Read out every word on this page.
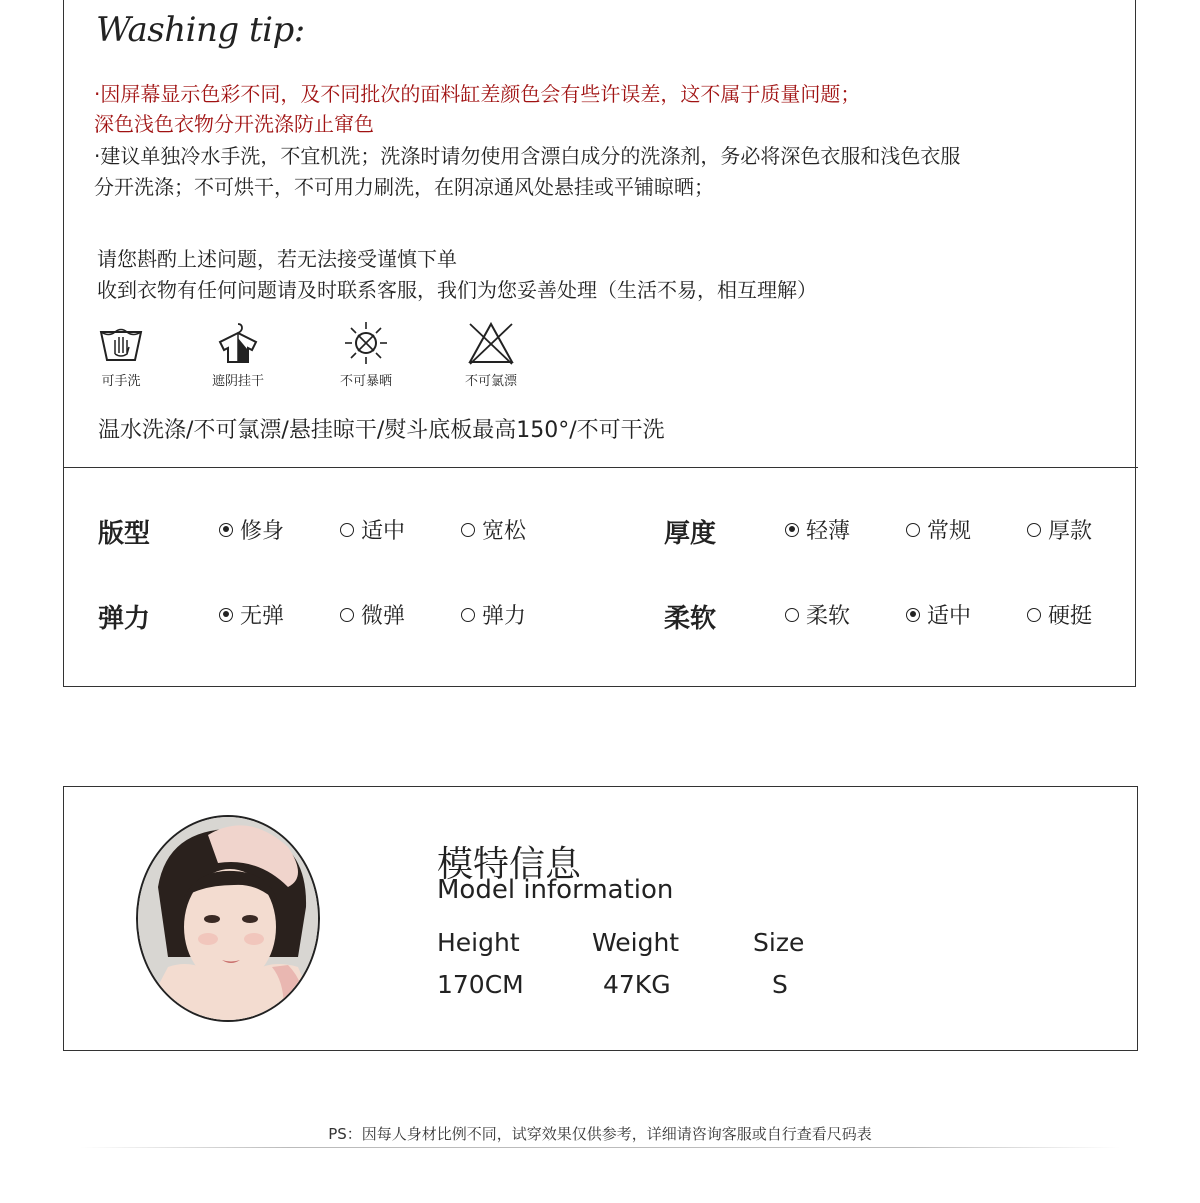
Washing tip:
·因屏幕显示色彩不同，及不同批次的面料缸差颜色会有些许误差，这不属于质量问题；
深色浅色衣物分开洗涤防止窜色
·建议单独冷水手洗，不宜机洗；洗涤时请勿使用含漂白成分的洗涤剂，务必将深色衣服和浅色衣服
分开洗涤；不可烘干，不可用力刷洗，在阴凉通风处悬挂或平铺晾晒；
请您斟酌上述问题，若无法接受谨慎下单
收到衣物有任何问题请及时联系客服，我们为您妥善处理（生活不易，相互理解）
可手洗	遮阴挂干	不可暴晒	不可氯漂
温水洗涤/不可氯漂/悬挂晾干/熨斗底板最高150°/不可干洗
版型	修身	适中	宽松	厚度	轻薄	常规	厚款
弹力	无弹	微弹	弹力	柔软	柔软	适中	硬挺
模特信息
Model information
Height	Weight	Size
170CM	47KG	S
PS：因每人身材比例不同，试穿效果仅供参考，详细请咨询客服或自行查看尺码表
